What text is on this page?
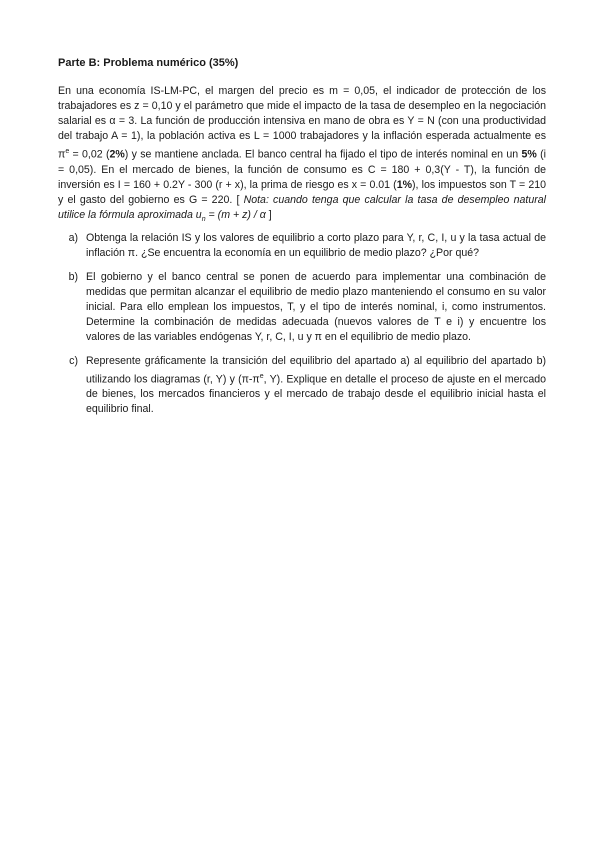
Parte B: Problema numérico (35%)

En una economía IS-LM-PC, el margen del precio es m = 0,05, el indicador de protección de los trabajadores es z = 0,10 y el parámetro que mide el impacto de la tasa de desempleo en la negociación salarial es α = 3. La función de producción intensiva en mano de obra es Y = N (con una productividad del trabajo A = 1), la población activa es L = 1000 trabajadores y la inflación esperada actualmente es $\pi^e = 0,02$ (2%) y se mantiene anclada. El banco central ha fijado el tipo de interés nominal en un 5% (i = 0,05). En el mercado de bienes, la función de consumo es C = 180 + 0,3(Y - T), la función de inversión es I = 160 + 0.2Y - 300 (r + x), la prima de riesgo es x = 0.01 (1%), los impuestos son T = 210 y el gasto del gobierno es G = 220. [ Nota: cuando tenga que calcular la tasa de desempleo natural utilice la fórmula aproximada $u_n = (m + z) / \alpha$ ]

a) Obtenga la relación IS y los valores de equilibrio a corto plazo para Y, r, C, I, u y la tasa actual de inflación π. ¿Se encuentra la economía en un equilibrio de medio plazo? ¿Por qué?
b) El gobierno y el banco central se ponen de acuerdo para implementar una combinación de medidas que permitan alcanzar el equilibrio de medio plazo manteniendo el consumo en su valor inicial. Para ello emplean los impuestos, T, y el tipo de interés nominal, i, como instrumentos. Determine la combinación de medidas adecuada (nuevos valores de T e i) y encuentre los valores de las variables endógenas Y, r, C, I, u y π en el equilibrio de medio plazo.
c) Represente gráficamente la transición del equilibrio del apartado a) al equilibrio del apartado b) utilizando los diagramas (r, Y) y ($\pi-\pi^e$, Y). Explique en detalle el proceso de ajuste en el mercado de bienes, los mercados financieros y el mercado de trabajo desde el equilibrio inicial hasta el equilibrio final.
